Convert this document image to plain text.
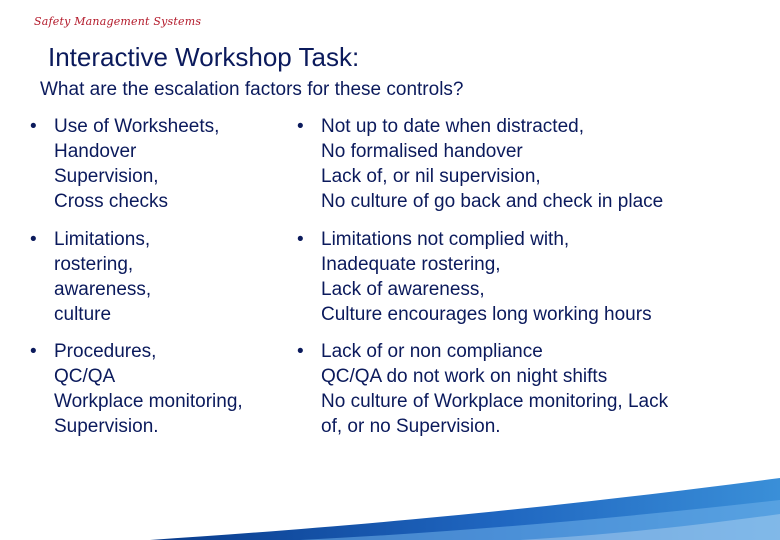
Safety Management Systems
Interactive Workshop Task:
What are the escalation factors for these controls?
• Use of Worksheets,
Handover
Supervision,
Cross checks
• Not up to date when distracted,
No formalised handover
Lack of, or nil supervision,
No culture of go back and check in place
• Limitations,
rostering,
awareness,
culture
• Limitations not complied with,
Inadequate rostering,
Lack of awareness,
Culture encourages long working hours
• Procedures,
QC/QA
Workplace monitoring,
Supervision.
• Lack of or non compliance
QC/QA do not work on night shifts
No culture of Workplace monitoring, Lack
of, or no Supervision.
